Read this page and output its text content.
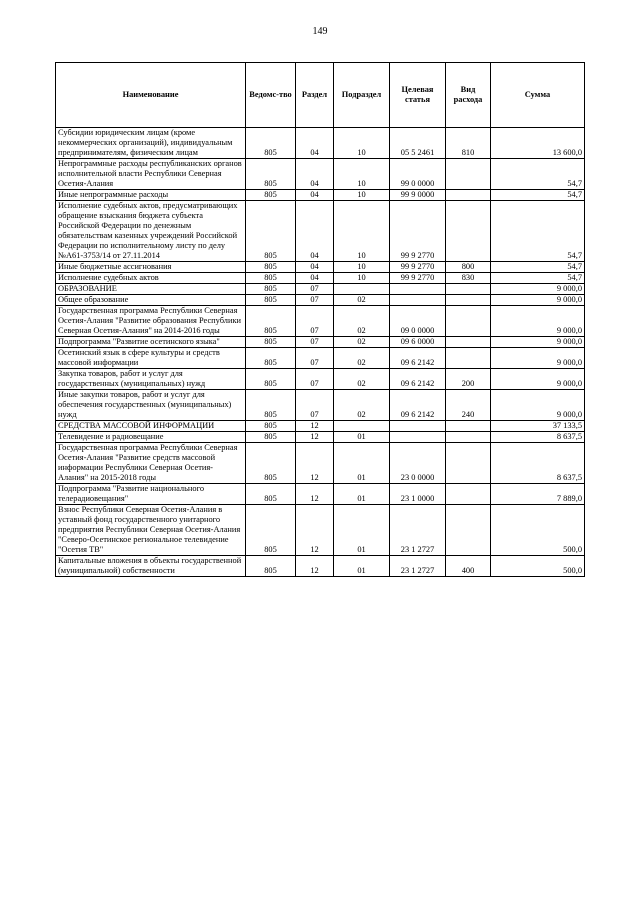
149
Наименование	Ведомс-тво	Раздел	Подраздел	Целевая статья	Вид расхода	Сумма
Субсидии юридическим лицам (кроме некоммерческих организаций), индивидуальным предпринимателям, физическим лицам	805	04	10	05 5 2461	810	13 600,0
Непрограммные расходы республиканских органов исполнительной власти Республики Северная Осетия-Алания	805	04	10	99 0 0000		54,7
Иные непрограммные расходы	805	04	10	99 9 0000		54,7
Исполнение судебных актов, предусматривающих обращение взыскания бюджета субъекта Российской Федерации по денежным обязательствам казенных учреждений Российской Федерации по исполнительному листу по делу №А61-3753/14 от 27.11.2014	805	04	10	99 9 2770		54,7
Иные бюджетные ассигнования	805	04	10	99 9 2770	800	54,7
Исполнение судебных актов	805	04	10	99 9 2770	830	54,7
ОБРАЗОВАНИЕ	805	07				9 000,0
Общее образование	805	07	02			9 000,0
Государственная программа Республики Северная Осетия-Алания "Развитие образования Республики Северная Осетия-Алания" на 2014-2016 годы	805	07	02	09 0 0000		9 000,0
Подпрограмма "Развитие осетинского языка"	805	07	02	09 6 0000		9 000,0
Осетинский язык в сфере культуры и средств массовой информации	805	07	02	09 6 2142		9 000,0
Закупка товаров, работ и услуг для государственных (муниципальных) нужд	805	07	02	09 6 2142	200	9 000,0
Иные закупки товаров, работ и услуг для обеспечения государственных (муниципальных) нужд	805	07	02	09 6 2142	240	9 000,0
СРЕДСТВА МАССОВОЙ ИНФОРМАЦИИ	805	12				37 133,5
Телевидение и радиовещание	805	12	01			8 637,5
Государственная программа Республики Северная Осетия-Алания "Развитие средств массовой информации Республики Северная Осетия-Алания" на 2015-2018 годы	805	12	01	23 0 0000		8 637,5
Подпрограмма "Развитие национального телерадиовещания"	805	12	01	23 1 0000		7 889,0
Взнос Республики Северная Осетия-Алания в уставный фонд государственного унитарного предприятия Республики Северная Осетия-Алания "Северо-Осетинское региональное телевидение "Осетия ТВ"	805	12	01	23 1 2727		500,0
Капитальные вложения в объекты государственной (муниципальной) собственности	805	12	01	23 1 2727	400	500,0
